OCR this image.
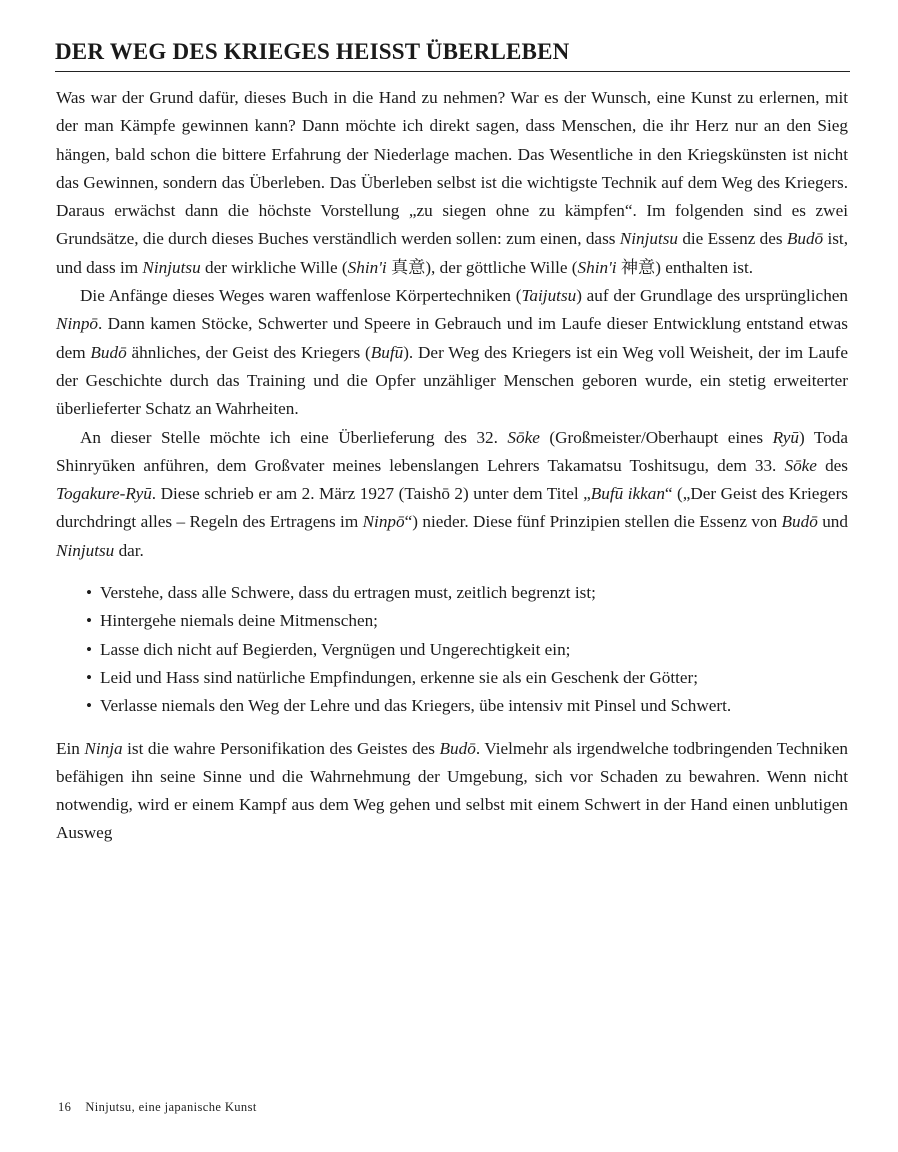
DER WEG DES KRIEGES HEISST ÜBERLEBEN

Was war der Grund dafür, dieses Buch in die Hand zu nehmen? War es der Wunsch, eine Kunst zu erlernen, mit der man Kämpfe gewinnen kann? Dann möchte ich direkt sagen, dass Menschen, die ihr Herz nur an den Sieg hängen, bald schon die bittere Erfahrung der Niederlage machen. Das Wesentliche in den Kriegskünsten ist nicht das Gewinnen, sondern das Überleben. Das Überleben selbst ist die wichtigste Technik auf dem Weg des Kriegers. Daraus erwächst dann die höchste Vorstellung „zu siegen ohne zu kämpfen“. Im folgenden sind es zwei Grundsätze, die durch dieses Buches verständlich werden sollen: zum einen, dass Ninjutsu die Essenz des Budō ist, und dass im Ninjutsu der wirkliche Wille (Shin'i 真意), der göttliche Wille (Shin'i 神意) enthalten ist.

Die Anfänge dieses Weges waren waffenlose Körpertechniken (Taijutsu) auf der Grundlage des ursprünglichen Ninpō. Dann kamen Stöcke, Schwerter und Speere in Gebrauch und im Laufe dieser Entwicklung entstand etwas dem Budō ähnliches, der Geist des Kriegers (Bufū). Der Weg des Kriegers ist ein Weg voll Weisheit, der im Laufe der Geschichte durch das Training und die Opfer unzähliger Menschen geboren wurde, ein stetig erweiterter überlieferter Schatz an Wahrheiten.

An dieser Stelle möchte ich eine Überlieferung des 32. Sōke (Großmeister/Oberhaupt eines Ryū) Toda Shinryūken anführen, dem Großvater meines lebenslangen Lehrers Takamatsu Toshitsugu, dem 33. Sōke des Togakure-Ryū. Diese schrieb er am 2. März 1927 (Taishō 2) unter dem Titel „Bufū ikkan“ („Der Geist des Kriegers durchdringt alles – Regeln des Ertragens im Ninpō“) nieder. Diese fünf Prinzipien stellen die Essenz von Budō und Ninjutsu dar.

• Verstehe, dass alle Schwere, dass du ertragen must, zeitlich begrenzt ist;
• Hintergehe niemals deine Mitmenschen;
• Lasse dich nicht auf Begierden, Vergnügen und Ungerechtigkeit ein;
• Leid und Hass sind natürliche Empfindungen, erkenne sie als ein Geschenk der Götter;
• Verlasse niemals den Weg der Lehre und das Kriegers, übe intensiv mit Pinsel und Schwert.

Ein Ninja ist die wahre Personifikation des Geistes des Budō. Vielmehr als irgendwelche todbringenden Techniken befähigen ihn seine Sinne und die Wahrnehmung der Umgebung, sich vor Schaden zu bewahren. Wenn nicht notwendig, wird er einem Kampf aus dem Weg gehen und selbst mit einem Schwert in der Hand einen unblutigen Ausweg

16 Ninjutsu, eine japanische Kunst
